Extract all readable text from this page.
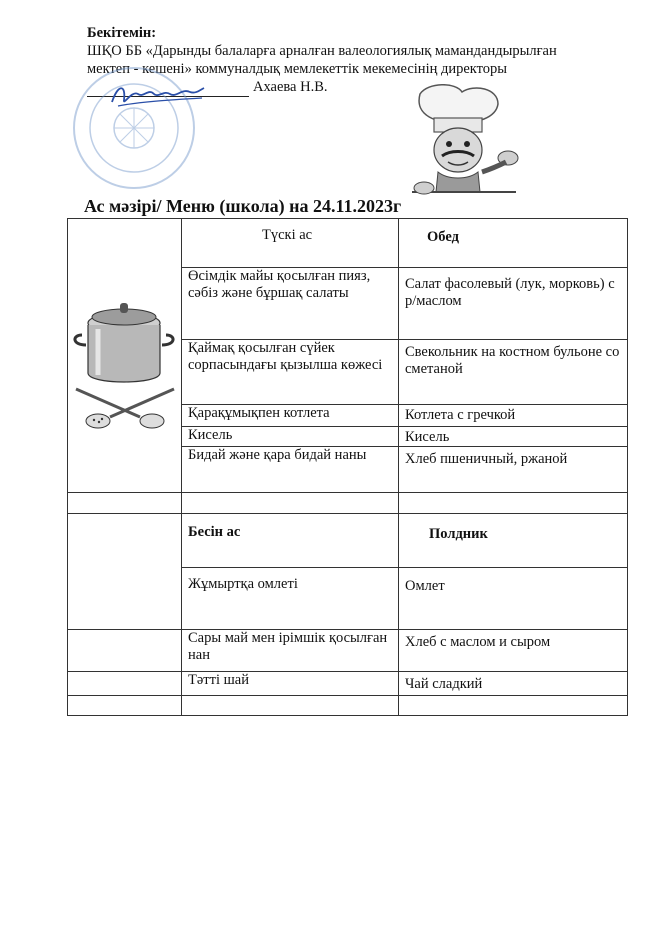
Бекітемін:
ШҚО ББ «Дарынды балаларға арналған валеологиялық мамандандырылған
мектеп - кешені» коммуналдық мемлекеттік мекемесінің директоры
Ахаева Н.В.
Ас мәзірі/ Меню (школа) на 24.11.2023г
	Түскі ас	Обед
	Өсімдік майы қосылған пияз, сәбіз және бұршақ салаты	Салат фасолевый (лук, морковь) с р/маслом
	Қаймақ қосылған сүйек сорпасындағы қызылша көжесі	Свекольник на костном бульоне со сметаной
	Қарақұмықпен котлета	Котлета с гречкой
	Кисель	Кисель
	Бидай және қара бидай наны	Хлеб пшеничный, ржаной

	Бесін ас	Полдник
	Жұмыртқа омлеті	Омлет
	Сары май мен ірімшік қосылған нан	Хлеб с маслом и сыром
	Тәтті шай	Чай сладкий
